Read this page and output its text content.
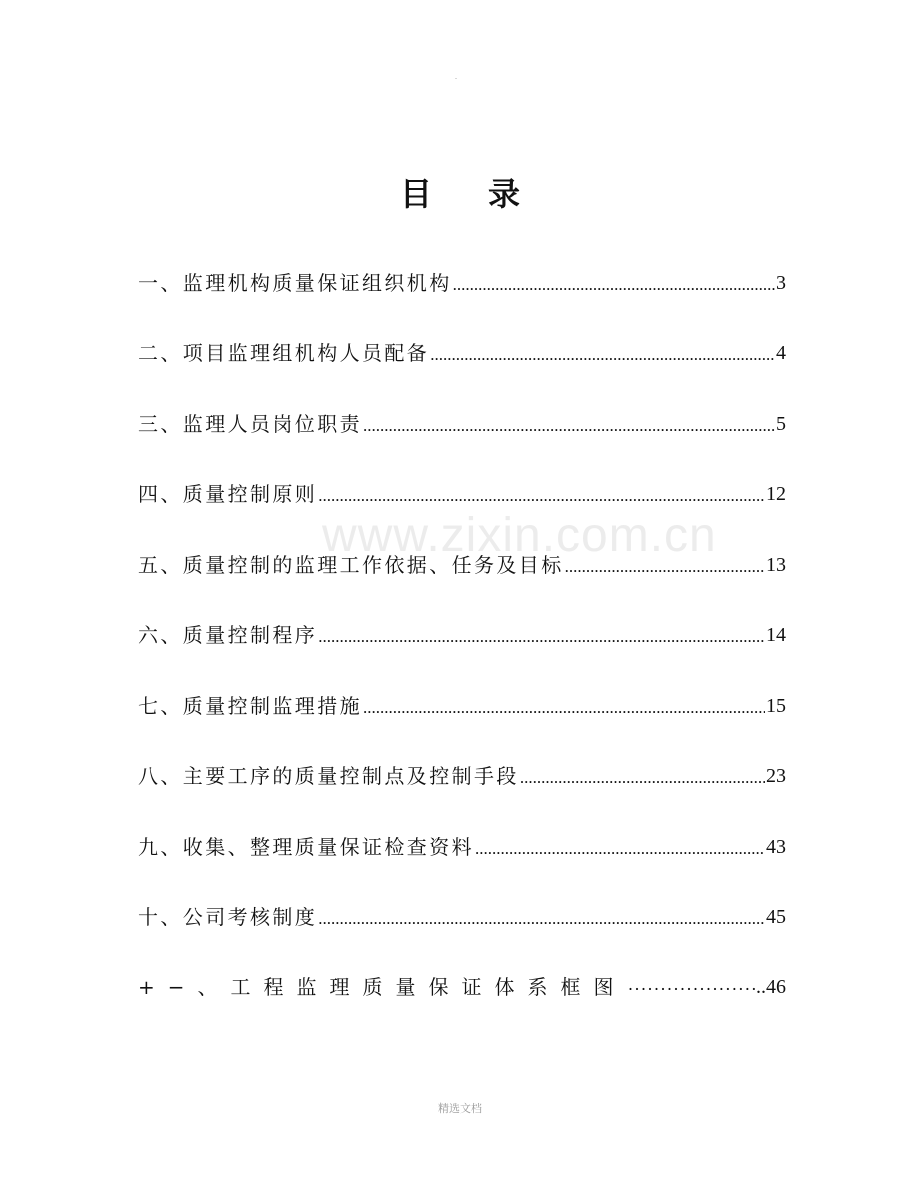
.
目录
www.zixin.com.cn
一、监理机构质量保证组织机构 .....	3
二、项目监理组机构人员配备 .....	4
三、监理人员岗位职责 .....	5
四、质量控制原则 .....	12
五、质量控制的监理工作依据、任务及目标 .....	13
六、质量控制程序 .....	14
七、质量控制监理措施 .....	15
八、主要工序的质量控制点及控制手段 .....	23
九、收集、整理质量保证检查资料 .....	43
十、公司考核制度 .....	45
+−、工程监理质量保证体系框图 ·····	..46
精选文档
